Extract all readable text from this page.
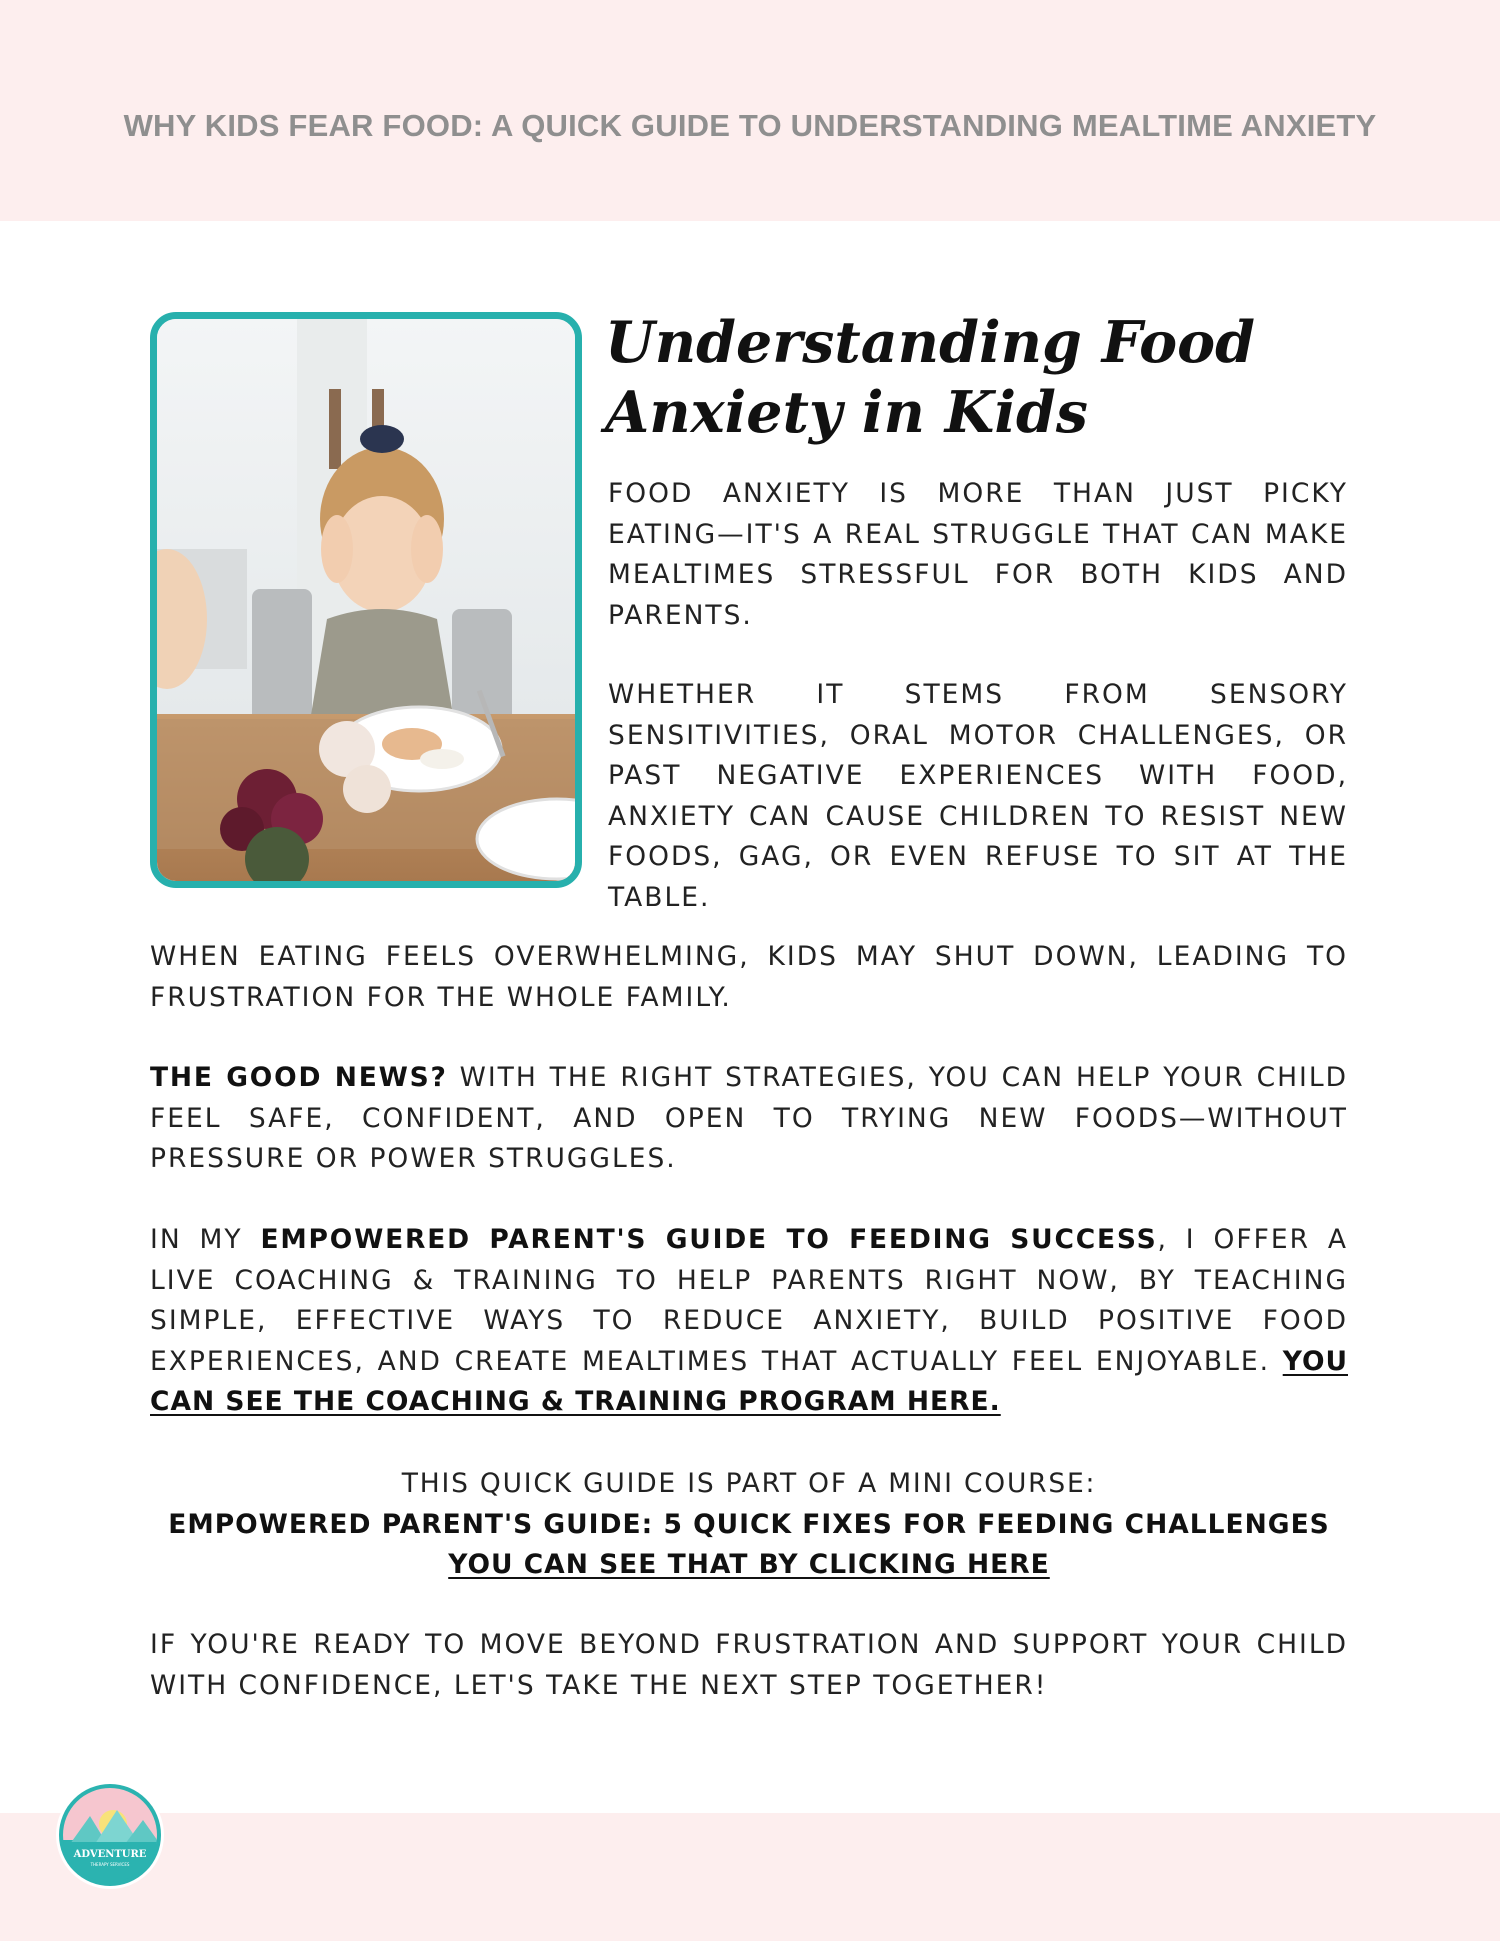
WHY KIDS FEAR FOOD: A QUICK GUIDE TO UNDERSTANDING MEALTIME ANXIETY
Understanding Food
Anxiety in Kids

FOOD ANXIETY IS MORE THAN JUST PICKY EATING—IT'S A REAL STRUGGLE THAT CAN MAKE MEALTIMES STRESSFUL FOR BOTH KIDS AND PARENTS.

WHETHER IT STEMS FROM SENSORY SENSITIVITIES, ORAL MOTOR CHALLENGES, OR PAST NEGATIVE EXPERIENCES WITH FOOD, ANXIETY CAN CAUSE CHILDREN TO RESIST NEW FOODS, GAG, OR EVEN REFUSE TO SIT AT THE TABLE.

WHEN EATING FEELS OVERWHELMING, KIDS MAY SHUT DOWN, LEADING TO FRUSTRATION FOR THE WHOLE FAMILY.

THE GOOD NEWS? WITH THE RIGHT STRATEGIES, YOU CAN HELP YOUR CHILD FEEL SAFE, CONFIDENT, AND OPEN TO TRYING NEW FOODS—WITHOUT PRESSURE OR POWER STRUGGLES.

IN MY EMPOWERED PARENT'S GUIDE TO FEEDING SUCCESS, I OFFER A LIVE COACHING & TRAINING TO HELP PARENTS RIGHT NOW, BY TEACHING SIMPLE, EFFECTIVE WAYS TO REDUCE ANXIETY, BUILD POSITIVE FOOD EXPERIENCES, AND CREATE MEALTIMES THAT ACTUALLY FEEL ENJOYABLE. YOU CAN SEE THE COACHING & TRAINING PROGRAM HERE.

THIS QUICK GUIDE IS PART OF A MINI COURSE:
EMPOWERED PARENT'S GUIDE: 5 QUICK FIXES FOR FEEDING CHALLENGES
YOU CAN SEE THAT BY CLICKING HERE

IF YOU'RE READY TO MOVE BEYOND FRUSTRATION AND SUPPORT YOUR CHILD WITH CONFIDENCE, LET'S TAKE THE NEXT STEP TOGETHER!

ADVENTURE
THERAPY SERVICES
